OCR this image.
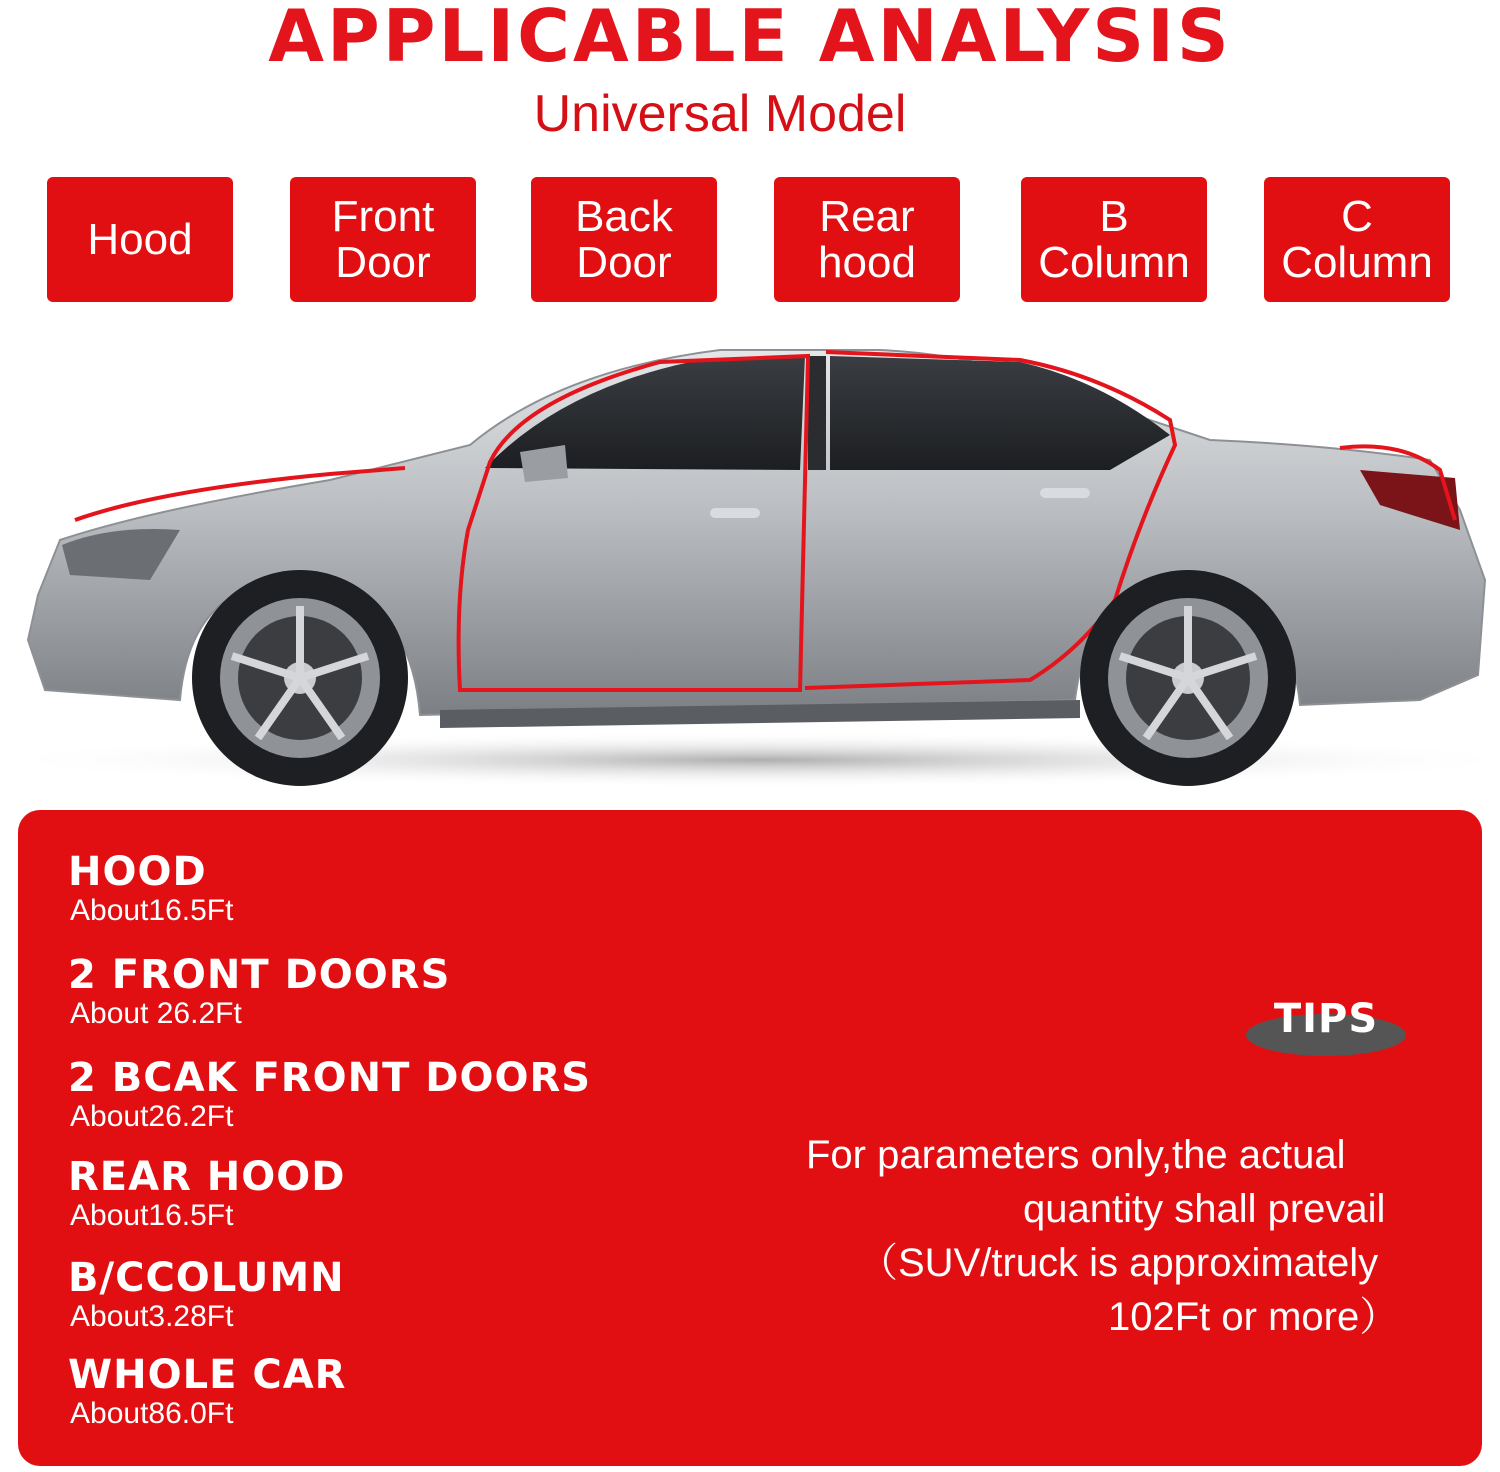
APPLICABLE ANALYSIS
Universal Model
Hood	Front
Door
Back
Door
Rear
hood
B
Column
C
Column
HOOD
About16.5Ft
2 FRONT DOORS
About 26.2Ft
2 BCAK FRONT DOORS
About26.2Ft
REAR HOOD
About16.5Ft
B/CCOLUMN
About3.28Ft
WHOLE CAR
About86.0Ft
TIPS
For parameters only,the actual
quantity shall prevail
（SUV/truck is approximately
102Ft or more）
